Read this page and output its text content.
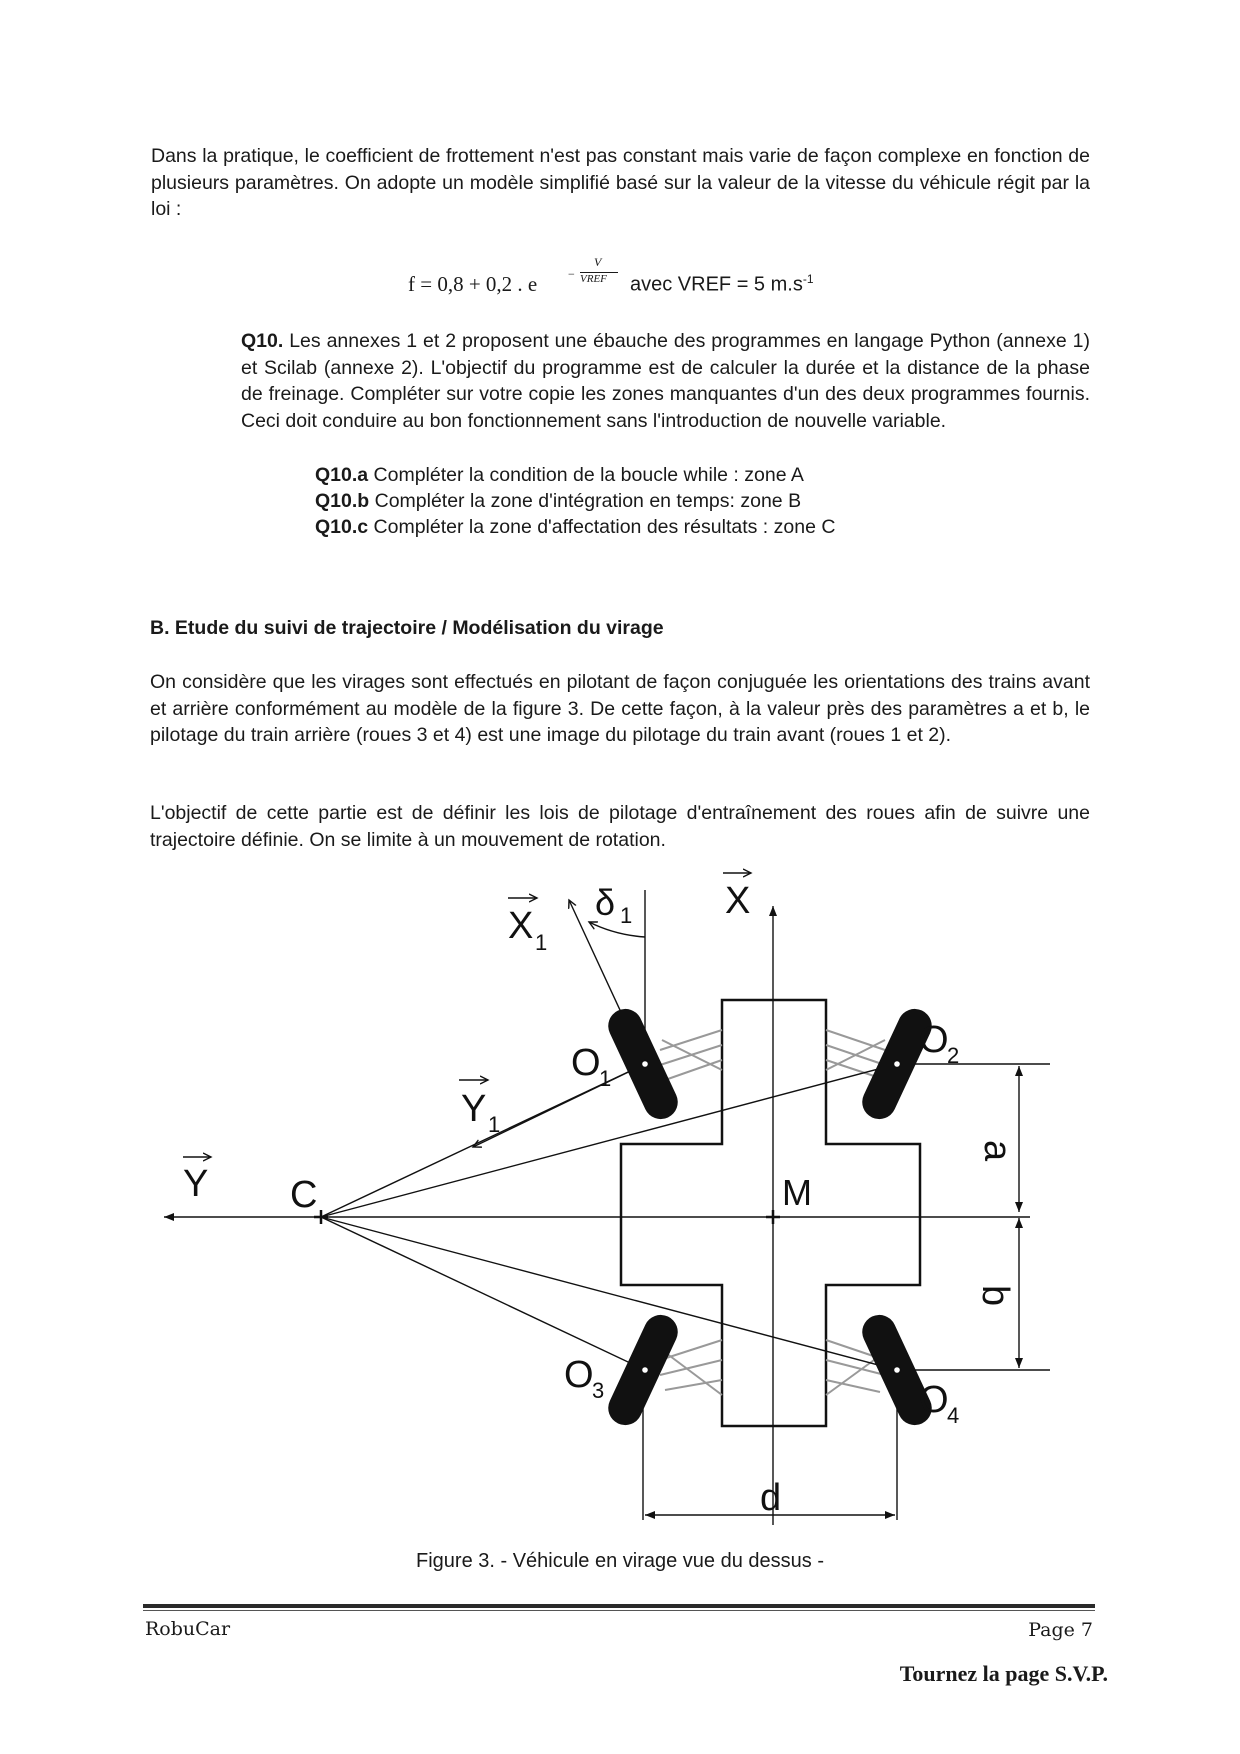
Dans la pratique, le coefficient de frottement n'est pas constant mais varie de façon complexe en fonction de plusieurs paramètres. On adopte un modèle simplifié basé sur la valeur de la vitesse du véhicule régit par la loi :
f = 0,8 + 0,2 . e	−
V
VREF avec VREF = 5 $m.s^{-1}$
Q10. Les annexes 1 et 2 proposent une ébauche des programmes en langage Python (annexe 1) et Scilab (annexe 2). L'objectif du programme est de calculer la durée et la distance de la phase de freinage. Compléter sur votre copie les zones manquantes d'un des deux programmes fournis. Ceci doit conduire au bon fonctionnement sans l'introduction de nouvelle variable.
Q10.a Compléter la condition de la boucle while : zone A
Q10.b Compléter la zone d'intégration en temps: zone B
Q10.c Compléter la zone d'affectation des résultats : zone C
B. Etude du suivi de trajectoire / Modélisation du virage
On considère que les virages sont effectués en pilotant de façon conjuguée les orientations des trains avant et arrière conformément au modèle de la figure 3. De cette façon, à la valeur près des paramètres a et b, le pilotage du train arrière (roues 3 et 4) est une image du pilotage du train avant (roues 1 et 2).
L'objectif de cette partie est de définir les lois de pilotage d'entraînement des roues afin de suivre une trajectoire définie. On se limite à un mouvement de rotation.
X 1
δ 1 X
O
1
O
2
O
3	O
4
Y 1
Y C	M
a
b
d
Figure 3. - Véhicule en virage vue du dessus -
RobuCar	Page 7
Tournez la page S.V.P.
